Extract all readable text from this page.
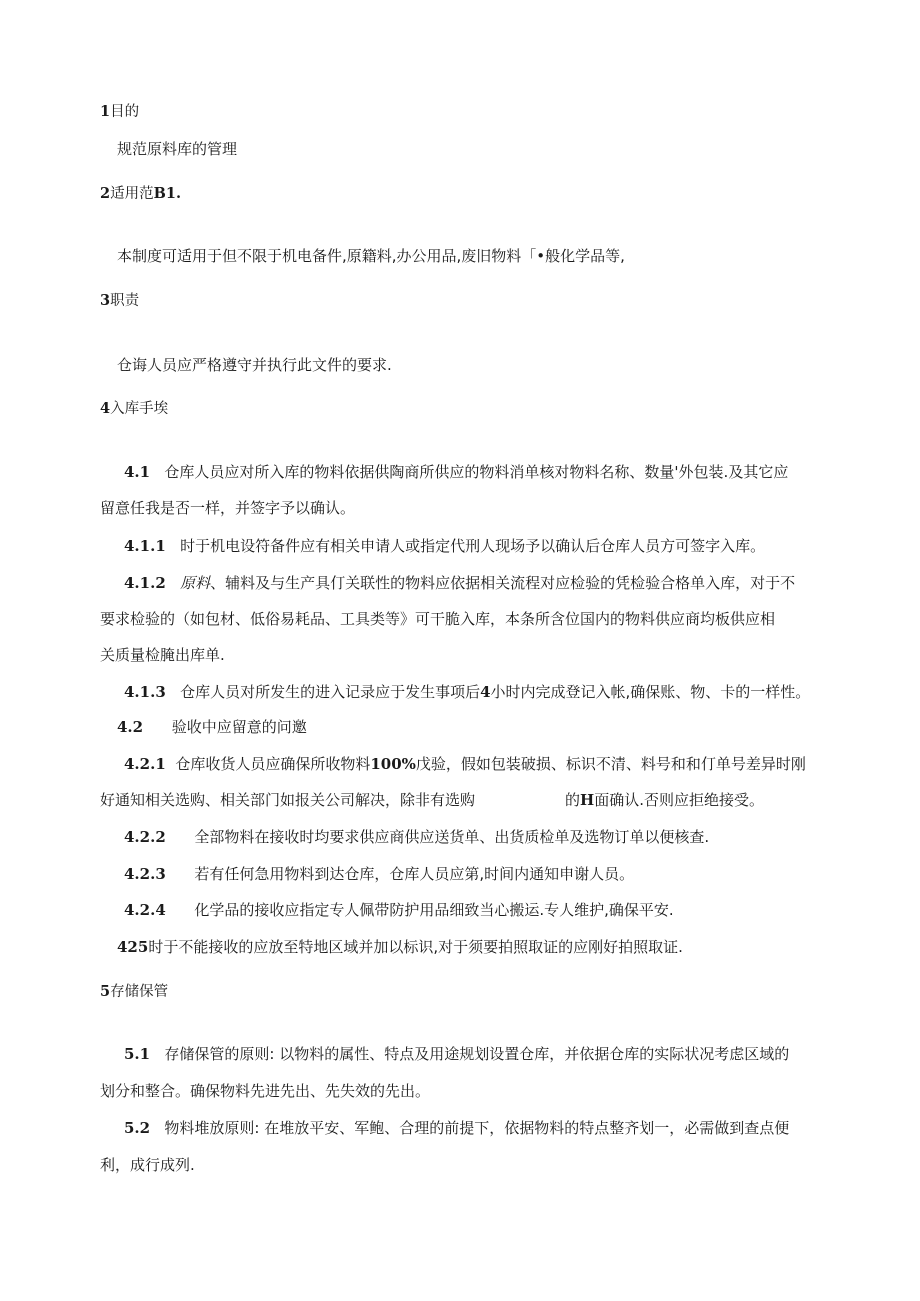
1目的
规范原料库的管理
2适用范B1.
本制度可适用于但不限于机电备件,原籍料,办公用品,废旧物料「•般化学品等,
3职责
仓诲人员应严格遵守并执行此文件的要求.
4入库手埃
4.1 仓库人员应对所入库的物料依据供陶商所供应的物料消单核对物料名称、数量'外包装.及其它应
留意任我是否一样，并签字予以确认。
4.1.1 时于机电设符备件应有相关申请人或指定代刑人现场予以确认后仓库人员方可签字入库。
4.1.2 原料、辅料及与生产具仃关联性的物料应依据相关流程对应检验的凭检验合格单入库，对于不
要求检验的（如包材、低俗易耗品、工具类等》可干脆入库，本条所含位国内的物料供应商均板供应相
关质量检腌出库单.
4.1.3 仓库人员对所发生的进入记录应于发生事项后4小时内完成登记入帐,确保账、物、卡的一样性。
4.2 验收中应留意的问邀
4.2.1 仓库收货人员应确保所收物料100%戊验，假如包装破损、标识不清、料号和和仃单号差异时刚
好通知相关选购、相关部门如报关公司解决，除非有选购	的H面确认.否则应拒绝接受。
4.2.2 全部物料在接收时均要求供应商供应送货单、出货质检单及选物订单以便核查.
4.2.3 若有任何急用物料到达仓库，仓库人员应第,时间内通知申谢人员。
4.2.4 化学品的接收应指定专人佩带防护用品细致当心搬运.专人维护,确保平安.
425时于不能接收的应放至特地区域并加以标识,对于须要拍照取证的应刚好拍照取证.
5存储保管
5.1 存储保管的原则: 以物料的属性、特点及用途规划设置仓库，并依据仓库的实际状况考虑区域的
划分和整合。确保物料先进先出、先失效的先出。
5.2 物料堆放原则: 在堆放平安、军鲍、合理的前提下，依据物料的特点整齐划一，必需做到查点便
利，成行成列.
